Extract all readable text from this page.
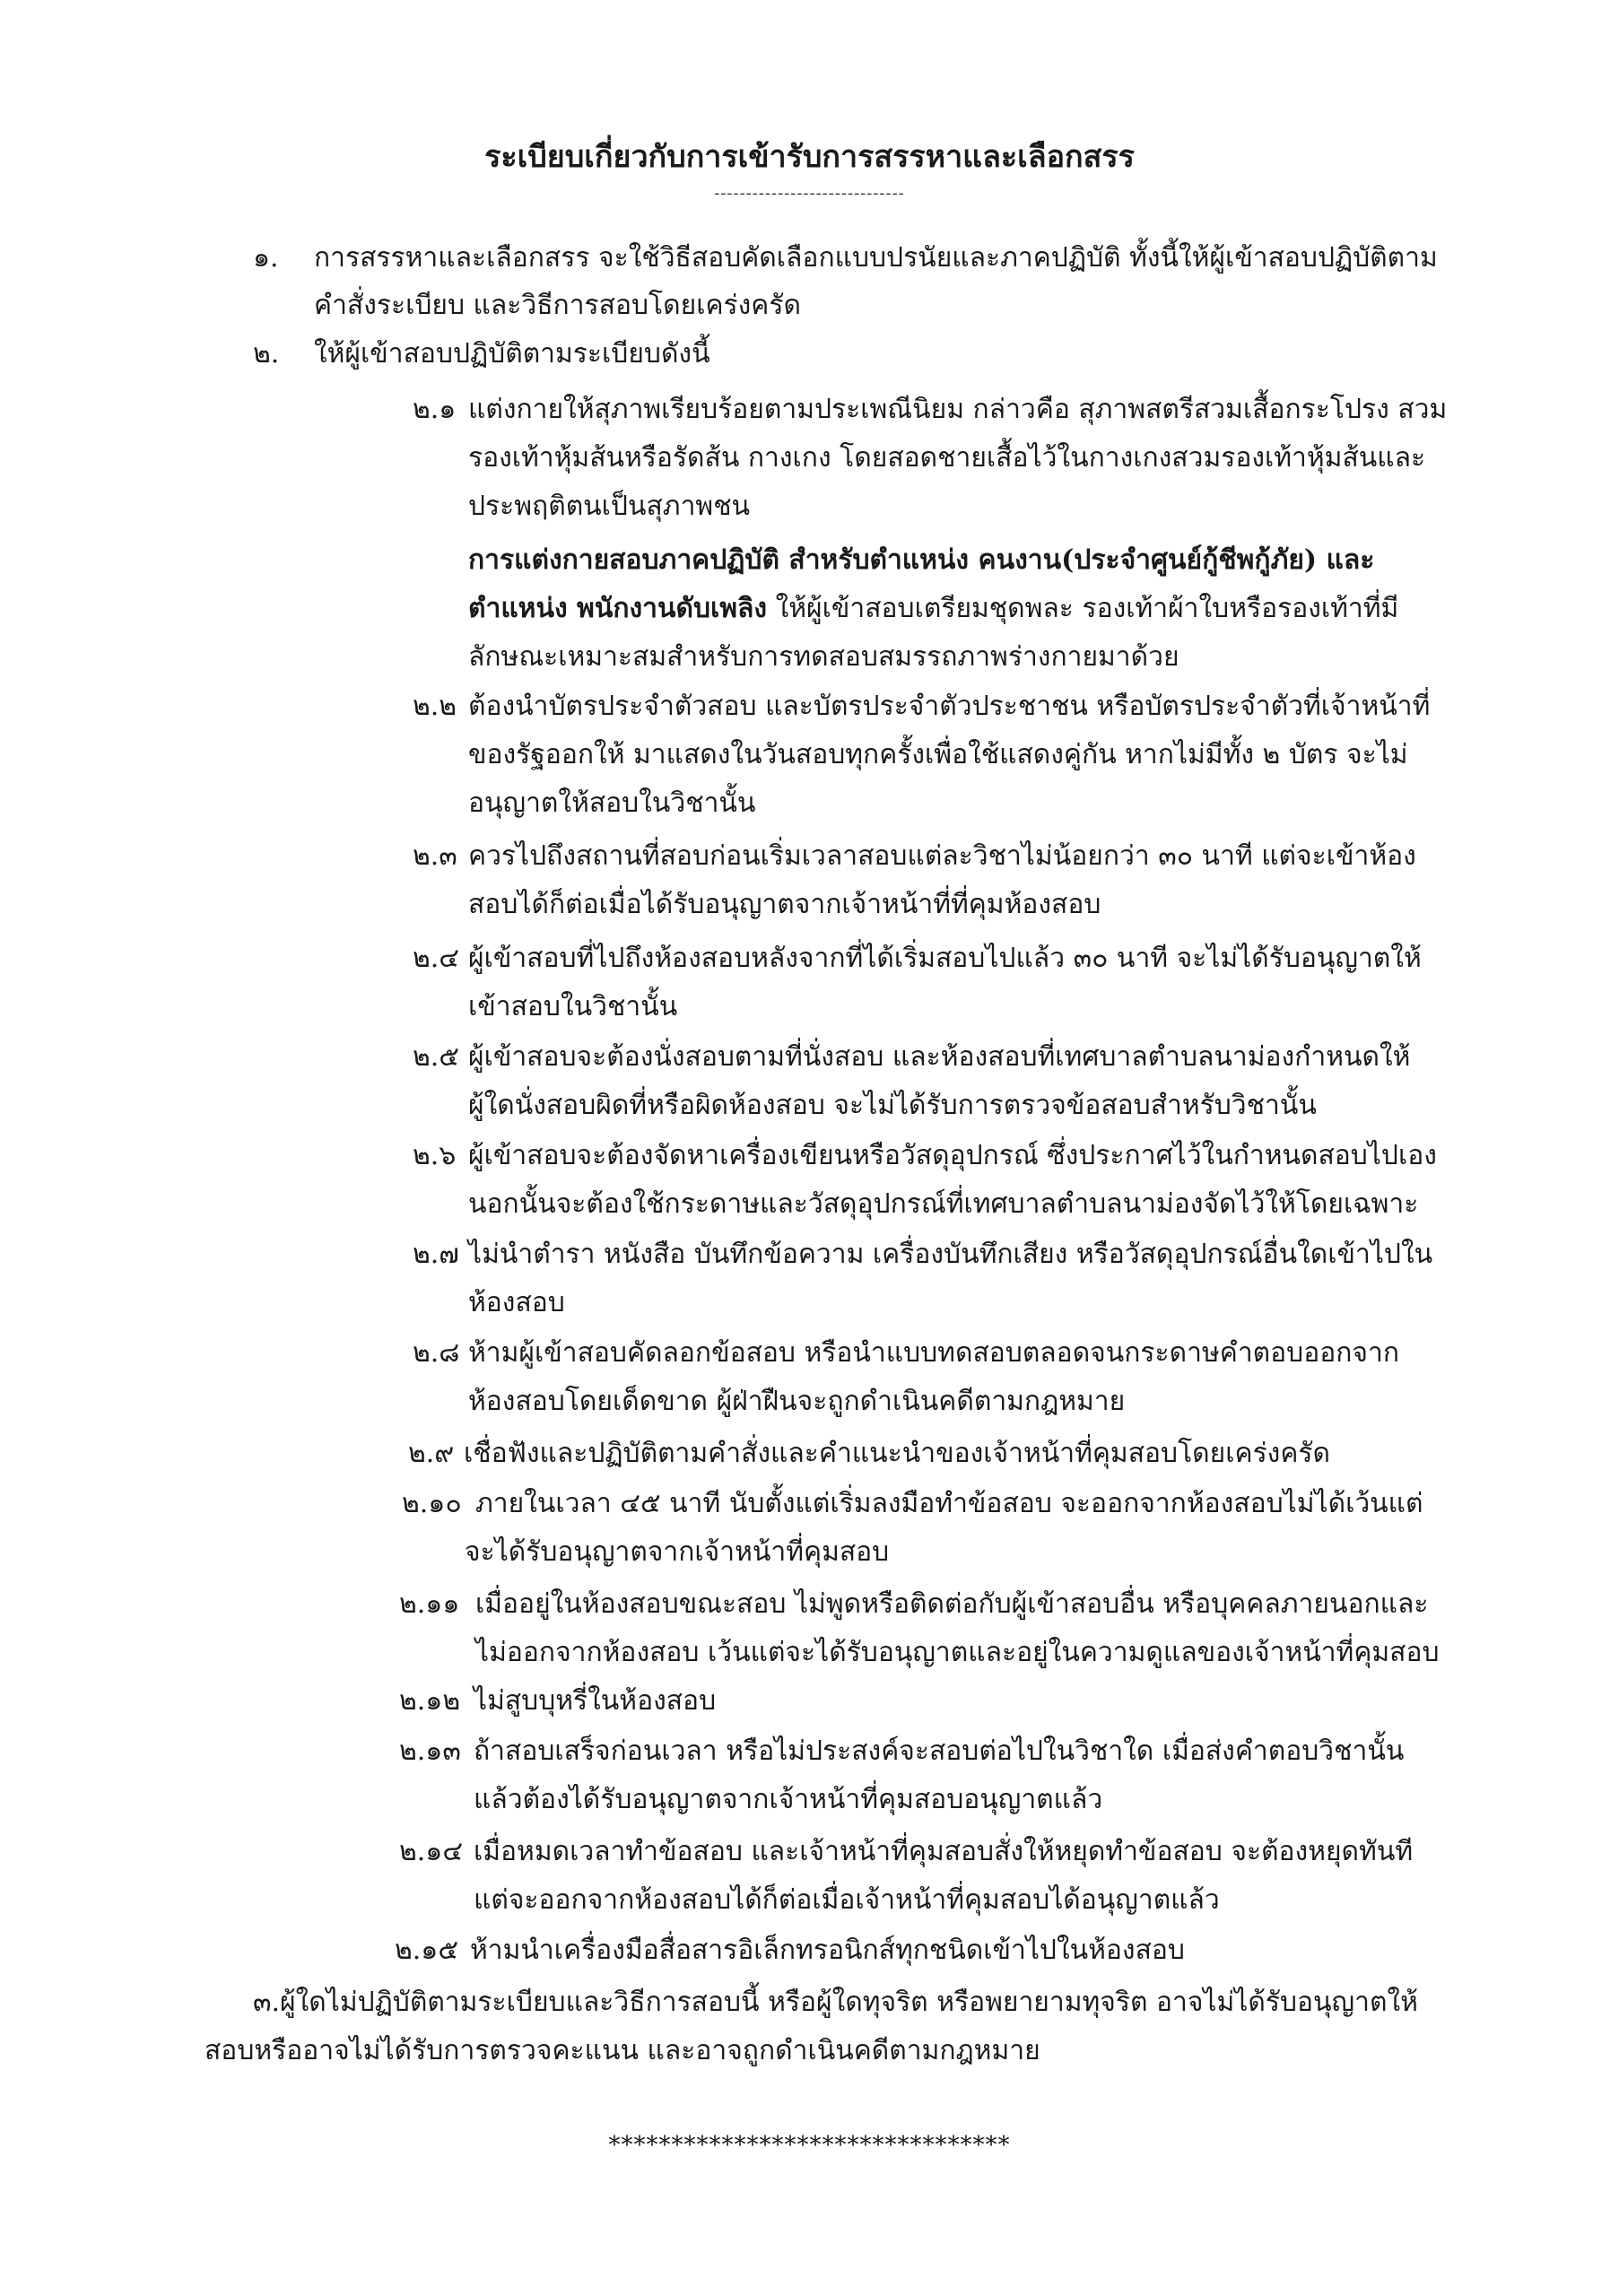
ระเบียบเกี่ยวกับการเข้ารับการสรรหาและเลือกสรร
------------------------------
๑. การสรรหาและเลือกสรร จะใช้วิธีสอบคัดเลือกแบบปรนัยและภาคปฏิบัติ ทั้งนี้ให้ผู้เข้าสอบปฏิบัติตาม
คำสั่งระเบียบ และวิธีการสอบโดยเคร่งครัด
๒. ให้ผู้เข้าสอบปฏิบัติตามระเบียบดังนี้
๒.๑ แต่งกายให้สุภาพเรียบร้อยตามประเพณีนิยม กล่าวคือ สุภาพสตรีสวมเสื้อกระโปรง สวม
รองเท้าหุ้มส้นหรือรัดส้น กางเกง โดยสอดชายเสื้อไว้ในกางเกงสวมรองเท้าหุ้มส้นและ
ประพฤติตนเป็นสุภาพชน
การแต่งกายสอบภาคปฏิบัติ สำหรับตำแหน่ง คนงาน(ประจำศูนย์กู้ชีพกู้ภัย) และ
ตำแหน่ง พนักงานดับเพลิง ให้ผู้เข้าสอบเตรียมชุดพละ รองเท้าผ้าใบหรือรองเท้าที่มี
ลักษณะเหมาะสมสำหรับการทดสอบสมรรถภาพร่างกายมาด้วย
๒.๒ ต้องนำบัตรประจำตัวสอบ และบัตรประจำตัวประชาชน หรือบัตรประจำตัวที่เจ้าหน้าที่
ของรัฐออกให้ มาแสดงในวันสอบทุกครั้งเพื่อใช้แสดงคู่กัน หากไม่มีทั้ง ๒ บัตร จะไม่
อนุญาตให้สอบในวิชานั้น
๒.๓ ควรไปถึงสถานที่สอบก่อนเริ่มเวลาสอบแต่ละวิชาไม่น้อยกว่า ๓๐ นาที แต่จะเข้าห้อง
สอบได้ก็ต่อเมื่อได้รับอนุญาตจากเจ้าหน้าที่ที่คุมห้องสอบ
๒.๔ ผู้เข้าสอบที่ไปถึงห้องสอบหลังจากที่ได้เริ่มสอบไปแล้ว ๓๐ นาที จะไม่ได้รับอนุญาตให้
เข้าสอบในวิชานั้น
๒.๕ ผู้เข้าสอบจะต้องนั่งสอบตามที่นั่งสอบ และห้องสอบที่เทศบาลตำบลนาม่องกำหนดให้
ผู้ใดนั่งสอบผิดที่หรือผิดห้องสอบ จะไม่ได้รับการตรวจข้อสอบสำหรับวิชานั้น
๒.๖ ผู้เข้าสอบจะต้องจัดหาเครื่องเขียนหรือวัสดุอุปกรณ์ ซึ่งประกาศไว้ในกำหนดสอบไปเอง
นอกนั้นจะต้องใช้กระดาษและวัสดุอุปกรณ์ที่เทศบาลตำบลนาม่องจัดไว้ให้โดยเฉพาะ
๒.๗ ไม่นำตำรา หนังสือ บันทึกข้อความ เครื่องบันทึกเสียง หรือวัสดุอุปกรณ์อื่นใดเข้าไปใน
ห้องสอบ
๒.๘ ห้ามผู้เข้าสอบคัดลอกข้อสอบ หรือนำแบบทดสอบตลอดจนกระดาษคำตอบออกจาก
ห้องสอบโดยเด็ดขาด ผู้ฝ่าฝืนจะถูกดำเนินคดีตามกฎหมาย
๒.๙ เชื่อฟังและปฏิบัติตามคำสั่งและคำแนะนำของเจ้าหน้าที่คุมสอบโดยเคร่งครัด
๒.๑๐ ภายในเวลา ๔๕ นาที นับตั้งแต่เริ่มลงมือทำข้อสอบ จะออกจากห้องสอบไม่ได้เว้นแต่
จะได้รับอนุญาตจากเจ้าหน้าที่คุมสอบ
๒.๑๑ เมื่ออยู่ในห้องสอบขณะสอบ ไม่พูดหรือติดต่อกับผู้เข้าสอบอื่น หรือบุคคลภายนอกและ
ไม่ออกจากห้องสอบ เว้นแต่จะได้รับอนุญาตและอยู่ในความดูแลของเจ้าหน้าที่คุมสอบ
๒.๑๒ ไม่สูบบุหรี่ในห้องสอบ
๒.๑๓ ถ้าสอบเสร็จก่อนเวลา หรือไม่ประสงค์จะสอบต่อไปในวิชาใด เมื่อส่งคำตอบวิชานั้น
แล้วต้องได้รับอนุญาตจากเจ้าหน้าที่คุมสอบอนุญาตแล้ว
๒.๑๔ เมื่อหมดเวลาทำข้อสอบ และเจ้าหน้าที่คุมสอบสั่งให้หยุดทำข้อสอบ จะต้องหยุดทันที
แต่จะออกจากห้องสอบได้ก็ต่อเมื่อเจ้าหน้าที่คุมสอบได้อนุญาตแล้ว
๒.๑๕ ห้ามนำเครื่องมือสื่อสารอิเล็กทรอนิกส์ทุกชนิดเข้าไปในห้องสอบ
๓.ผู้ใดไม่ปฏิบัติตามระเบียบและวิธีการสอบนี้ หรือผู้ใดทุจริต หรือพยายามทุจริต อาจไม่ได้รับอนุญาตให้
สอบหรืออาจไม่ได้รับการตรวจคะแนน และอาจถูกดำเนินคดีตามกฎหมาย
********************************
